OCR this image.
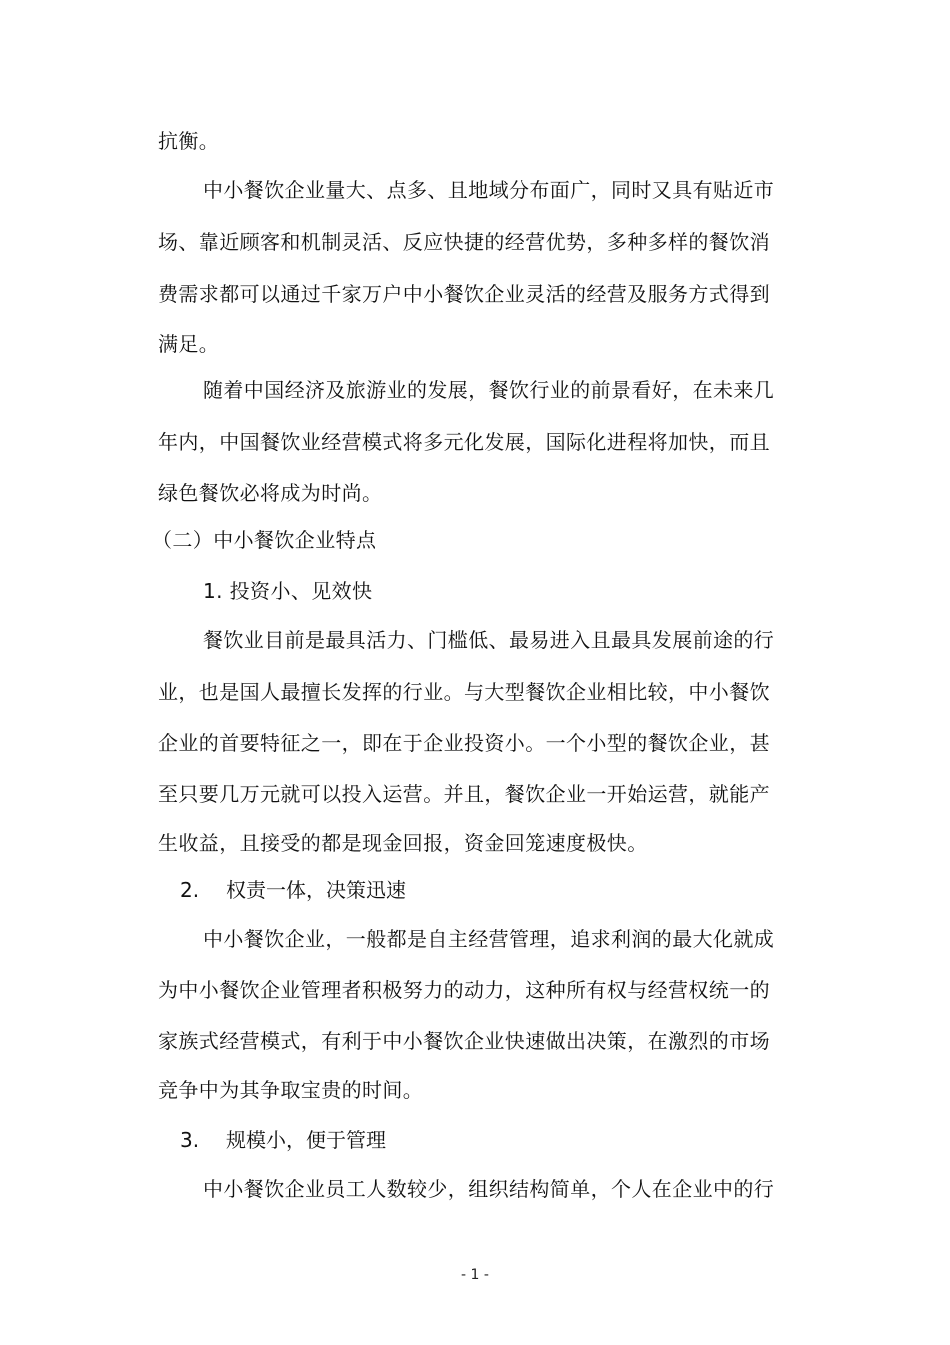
抗衡。
中小餐饮企业量大、点多、且地域分布面广，同时又具有贴近市
场、靠近顾客和机制灵活、反应快捷的经营优势，多种多样的餐饮消
费需求都可以通过千家万户中小餐饮企业灵活的经营及服务方式得到
满足。
随着中国经济及旅游业的发展，餐饮行业的前景看好，在未来几
年内，中国餐饮业经营模式将多元化发展，国际化进程将加快，而且
绿色餐饮必将成为时尚。
（二）中小餐饮企业特点
1. 投资小、见效快
餐饮业目前是最具活力、门槛低、最易进入且最具发展前途的行
业，也是国人最擅长发挥的行业。与大型餐饮企业相比较，中小餐饮
企业的首要特征之一，即在于企业投资小。一个小型的餐饮企业，甚
至只要几万元就可以投入运营。并且，餐饮企业一开始运营，就能产
生收益，且接受的都是现金回报，资金回笼速度极快。
2. 权责一体，决策迅速
中小餐饮企业，一般都是自主经营管理，追求利润的最大化就成
为中小餐饮企业管理者积极努力的动力，这种所有权与经营权统一的
家族式经营模式，有利于中小餐饮企业快速做出决策，在激烈的市场
竞争中为其争取宝贵的时间。
3. 规模小，便于管理
中小餐饮企业员工人数较少，组织结构简单，个人在企业中的行
- 1 -
